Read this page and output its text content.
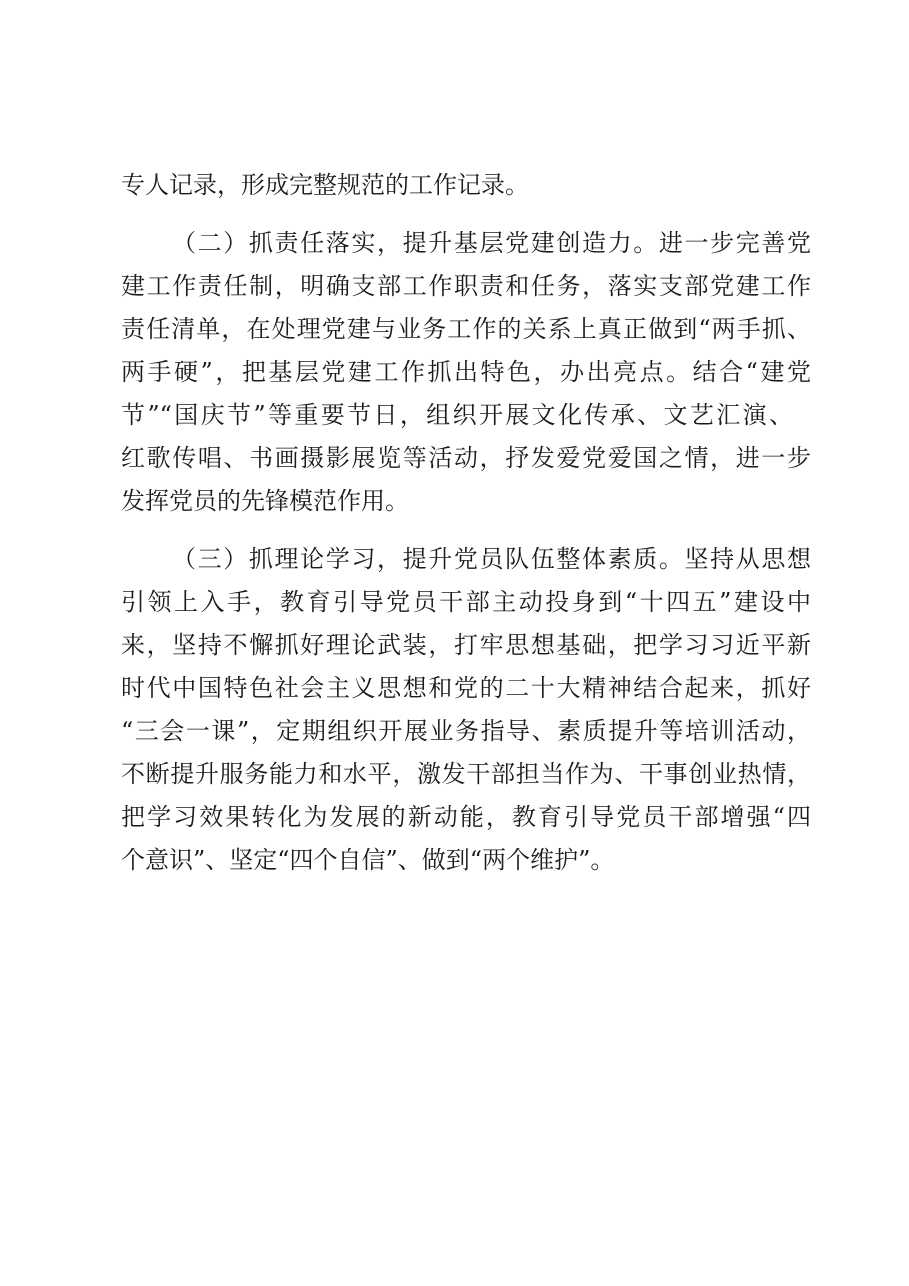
专人记录，形成完整规范的工作记录。
（二）抓责任落实，提升基层党建创造力。进一步完善党
建工作责任制，明确支部工作职责和任务，落实支部党建工作
责任清单，在处理党建与业务工作的关系上真正做到“两手抓、
两手硬”，把基层党建工作抓出特色，办出亮点。结合“建党
节”“国庆节”等重要节日，组织开展文化传承、文艺汇演、
红歌传唱、书画摄影展览等活动，抒发爱党爱国之情，进一步
发挥党员的先锋模范作用。
（三）抓理论学习，提升党员队伍整体素质。坚持从思想
引领上入手，教育引导党员干部主动投身到“十四五”建设中
来，坚持不懈抓好理论武装，打牢思想基础，把学习习近平新
时代中国特色社会主义思想和党的二十大精神结合起来，抓好
“三会一课”，定期组织开展业务指导、素质提升等培训活动，
不断提升服务能力和水平，激发干部担当作为、干事创业热情，
把学习效果转化为发展的新动能，教育引导党员干部增强“四
个意识”、坚定“四个自信”、做到“两个维护”。
